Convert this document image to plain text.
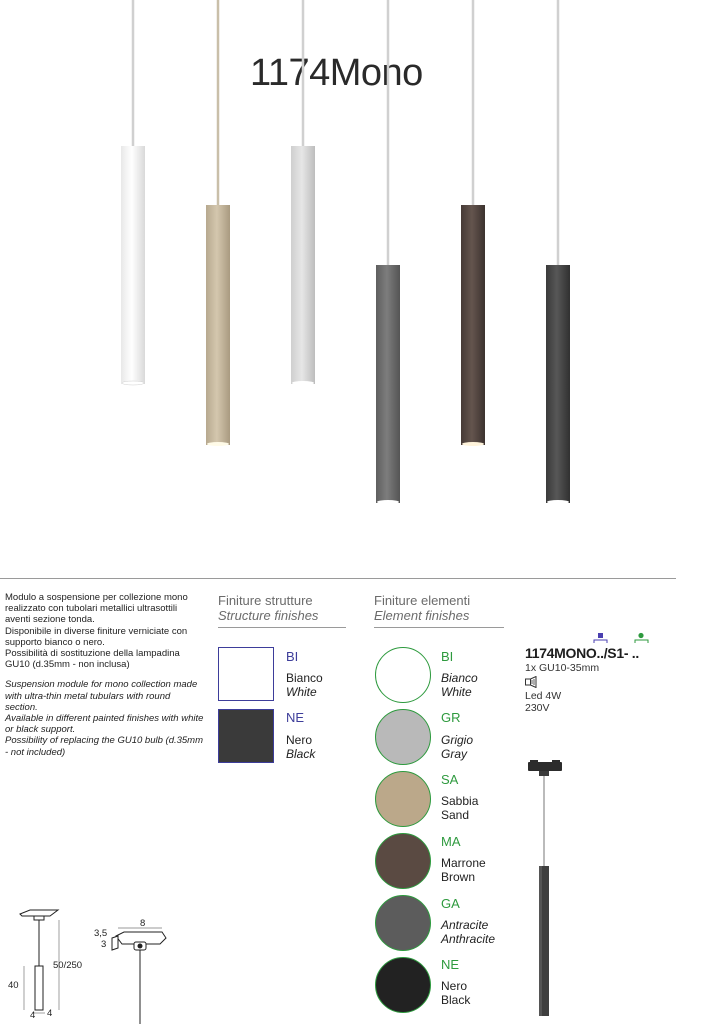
1174Mono

Modulo a sospensione per collezione mono realizzato con tubolari metallici ultrasottili aventi sezione tonda.

Disponibile in diverse finiture verniciate con supporto bianco o nero.

Possibilità di sostituzione della lampadina GU10 (d.35mm - non inclusa)

Suspension module for mono collection made with ultra-thin metal tubulars with round section.

Available in different painted finishes with white or black support.

Possibility of replacing the GU10 bulb (d.35mm - not included)

Finiture strutture
Structure finishes
BI
Bianco
White
NE
Nero
Black
Finiture elementi
Element finishes
BI
Bianco
White
GR
Grigio
Gray
SA
Sabbia
Sand
MA
Marrone
Brown
GA
Antracite
Anthracite
NE
Nero
Black
1174MONO../S1- ..
1x GU10-35mm
Led 4W
230V
50/250
40
4 4
8
3,5
3
